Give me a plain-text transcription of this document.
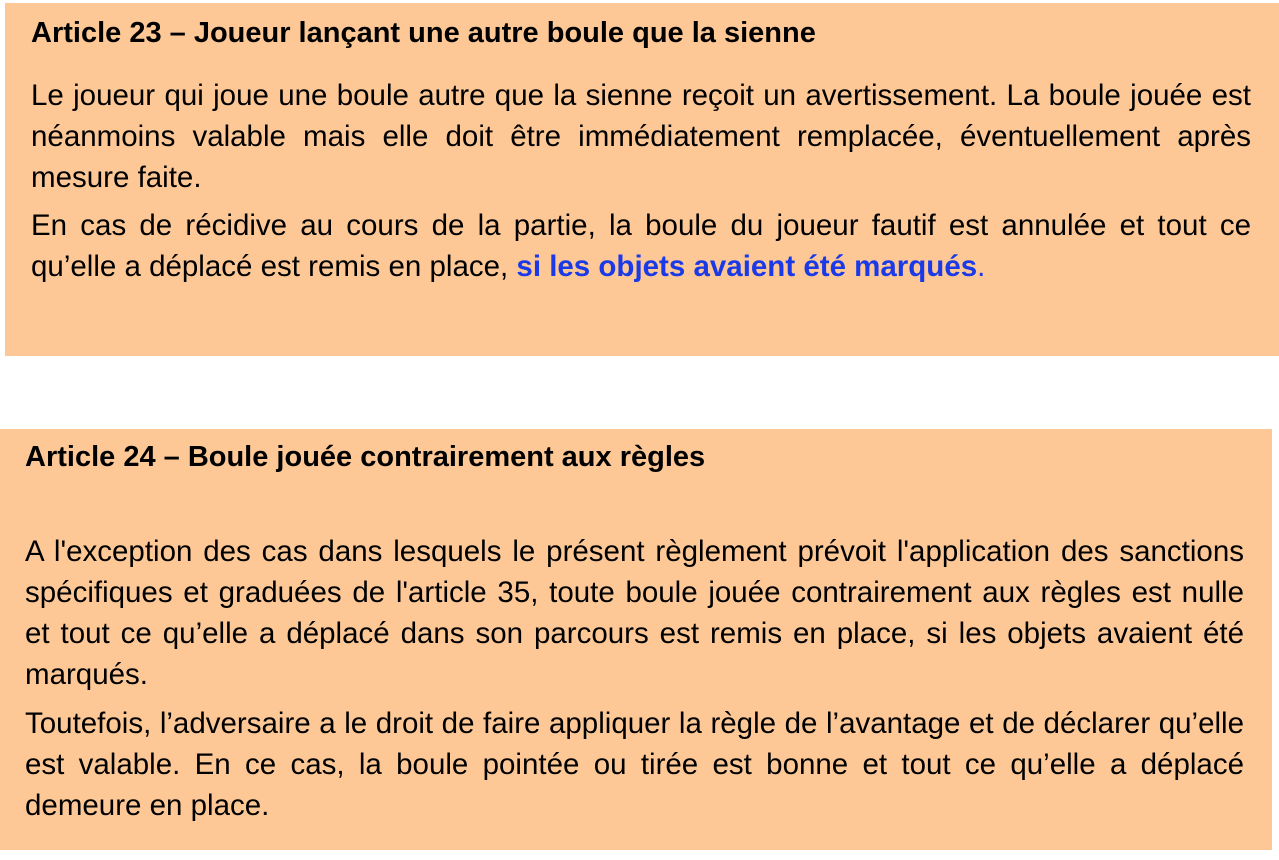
Article 23 – Joueur lançant une autre boule que la sienne

Le joueur qui joue une boule autre que la sienne reçoit un avertissement. La boule jouée est néanmoins valable mais elle doit être immédiatement remplacée, éventuellement après mesure faite.

En cas de récidive au cours de la partie, la boule du joueur fautif est annulée et tout ce qu’elle a déplacé est remis en place, si les objets avaient été marqués.

Article 24 – Boule jouée contrairement aux règles

A l'exception des cas dans lesquels le présent règlement prévoit l'application des sanctions spécifiques et graduées de l'article 35, toute boule jouée contrairement aux règles est nulle et tout ce qu’elle a déplacé dans son parcours est remis en place, si les objets avaient été marqués.

Toutefois, l’adversaire a le droit de faire appliquer la règle de l’avantage et de déclarer qu’elle est valable. En ce cas, la boule pointée ou tirée est bonne et tout ce qu’elle a déplacé demeure en place.
